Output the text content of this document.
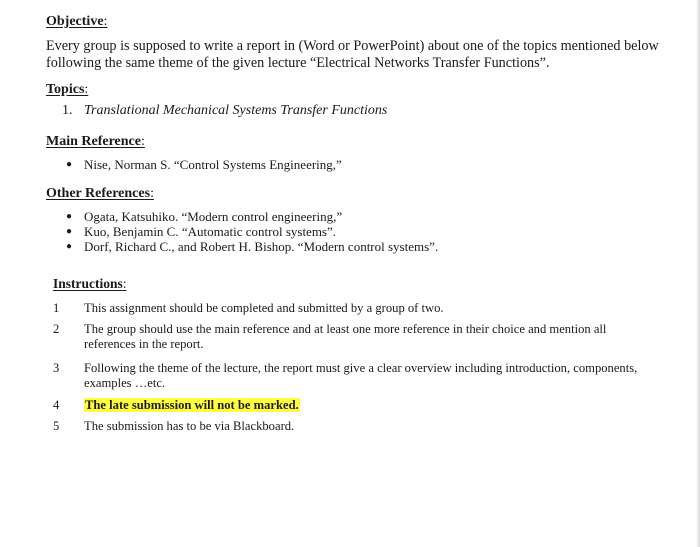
Objective:
Every group is supposed to write a report in (Word or PowerPoint) about one of the topics mentioned below following the same theme of the given lecture “Electrical Networks Transfer Functions”.
Topics:
1. Translational Mechanical Systems Transfer Functions
Main Reference:
● Nise, Norman S. “Control Systems Engineering,”
Other References:
● Ogata, Katsuhiko. “Modern control engineering,”
● Kuo, Benjamin C. “Automatic control systems”.
● Dorf, Richard C., and Robert H. Bishop. “Modern control systems”.
Instructions:
1	This assignment should be completed and submitted by a group of two.
2	The group should use the main reference and at least one more reference in their choice and mention all references in the report.
3	Following the theme of the lecture, the report must give a clear overview including introduction, components, examples …etc.
4	The late submission will not be marked.
5	The submission has to be via Blackboard.
